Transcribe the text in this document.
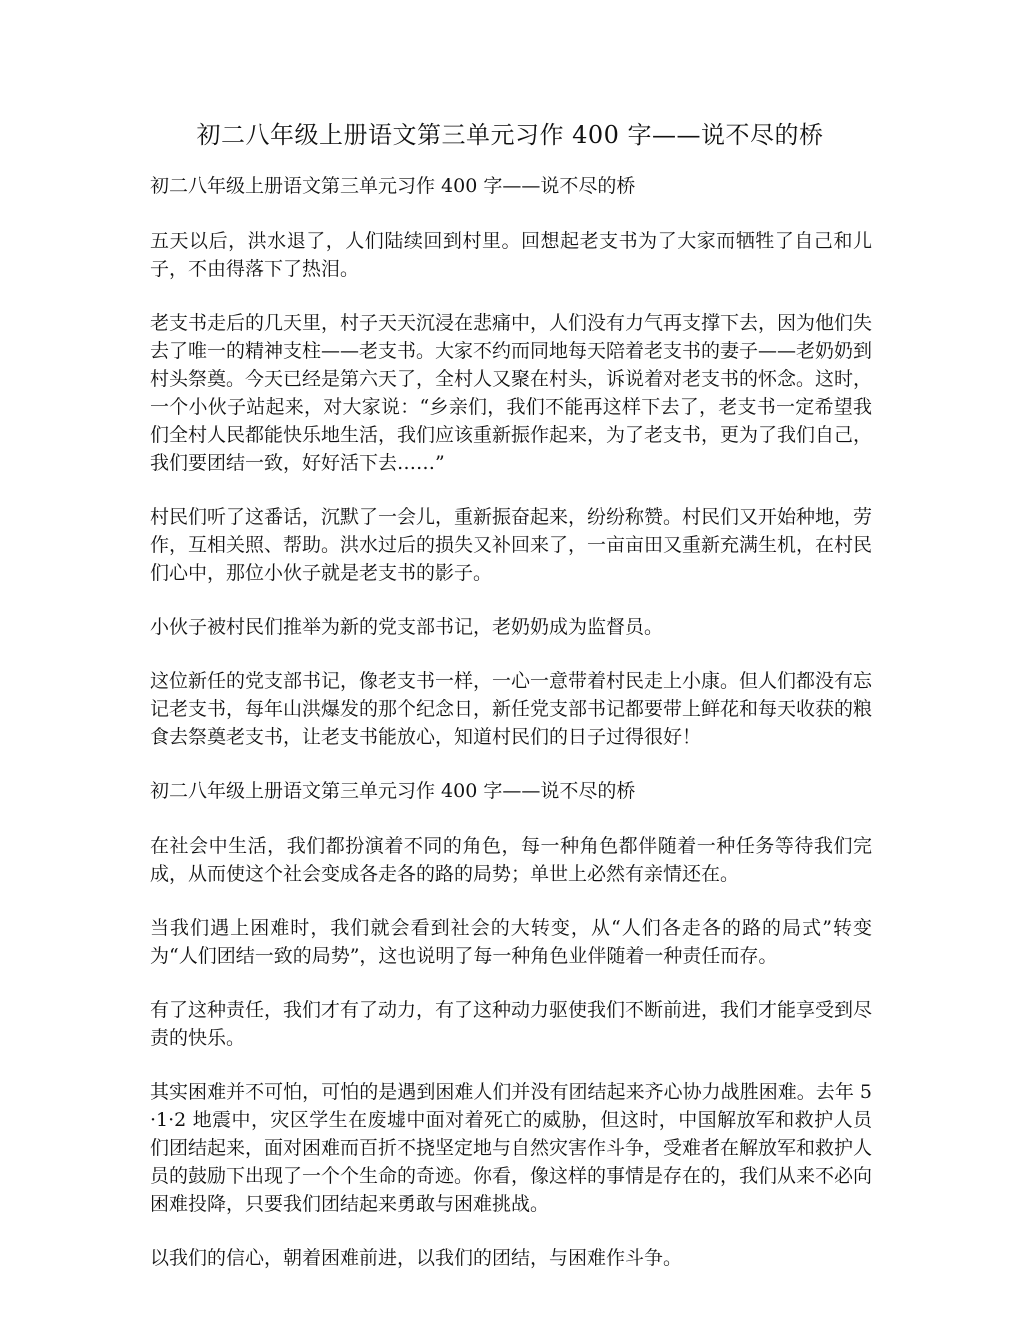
初二八年级上册语文第三单元习作 400 字——说不尽的桥

初二八年级上册语文第三单元习作 400 字——说不尽的桥

五天以后，洪水退了，人们陆续回到村里。回想起老支书为了大家而牺牲了自己和儿子，不由得落下了热泪。

老支书走后的几天里，村子天天沉浸在悲痛中，人们没有力气再支撑下去，因为他们失去了唯一的精神支柱——老支书。大家不约而同地每天陪着老支书的妻子——老奶奶到村头祭奠。今天已经是第六天了，全村人又聚在村头，诉说着对老支书的怀念。这时，一个小伙子站起来，对大家说：“乡亲们，我们不能再这样下去了，老支书一定希望我们全村人民都能快乐地生活，我们应该重新振作起来，为了老支书，更为了我们自己，我们要团结一致，好好活下去……”

村民们听了这番话，沉默了一会儿，重新振奋起来，纷纷称赞。村民们又开始种地，劳作，互相关照、帮助。洪水过后的损失又补回来了，一亩亩田又重新充满生机，在村民们心中，那位小伙子就是老支书的影子。

小伙子被村民们推举为新的党支部书记，老奶奶成为监督员。

这位新任的党支部书记，像老支书一样，一心一意带着村民走上小康。但人们都没有忘记老支书，每年山洪爆发的那个纪念日，新任党支部书记都要带上鲜花和每天收获的粮食去祭奠老支书，让老支书能放心，知道村民们的日子过得很好！

初二八年级上册语文第三单元习作 400 字——说不尽的桥

在社会中生活，我们都扮演着不同的角色，每一种角色都伴随着一种任务等待我们完成，从而使这个社会变成各走各的路的局势；单世上必然有亲情还在。

当我们遇上困难时，我们就会看到社会的大转变，从“人们各走各的路的局式”转变为“人们团结一致的局势”，这也说明了每一种角色业伴随着一种责任而存。

有了这种责任，我们才有了动力，有了这种动力驱使我们不断前进，我们才能享受到尽责的快乐。

其实困难并不可怕，可怕的是遇到困难人们并没有团结起来齐心协力战胜困难。去年 5·1·2 地震中，灾区学生在废墟中面对着死亡的威胁，但这时，中国解放军和救护人员们团结起来，面对困难而百折不挠坚定地与自然灾害作斗争，受难者在解放军和救护人员的鼓励下出现了一个个生命的奇迹。你看，像这样的事情是存在的，我们从来不必向困难投降，只要我们团结起来勇敢与困难挑战。

以我们的信心，朝着困难前进，以我们的团结，与困难作斗争。
